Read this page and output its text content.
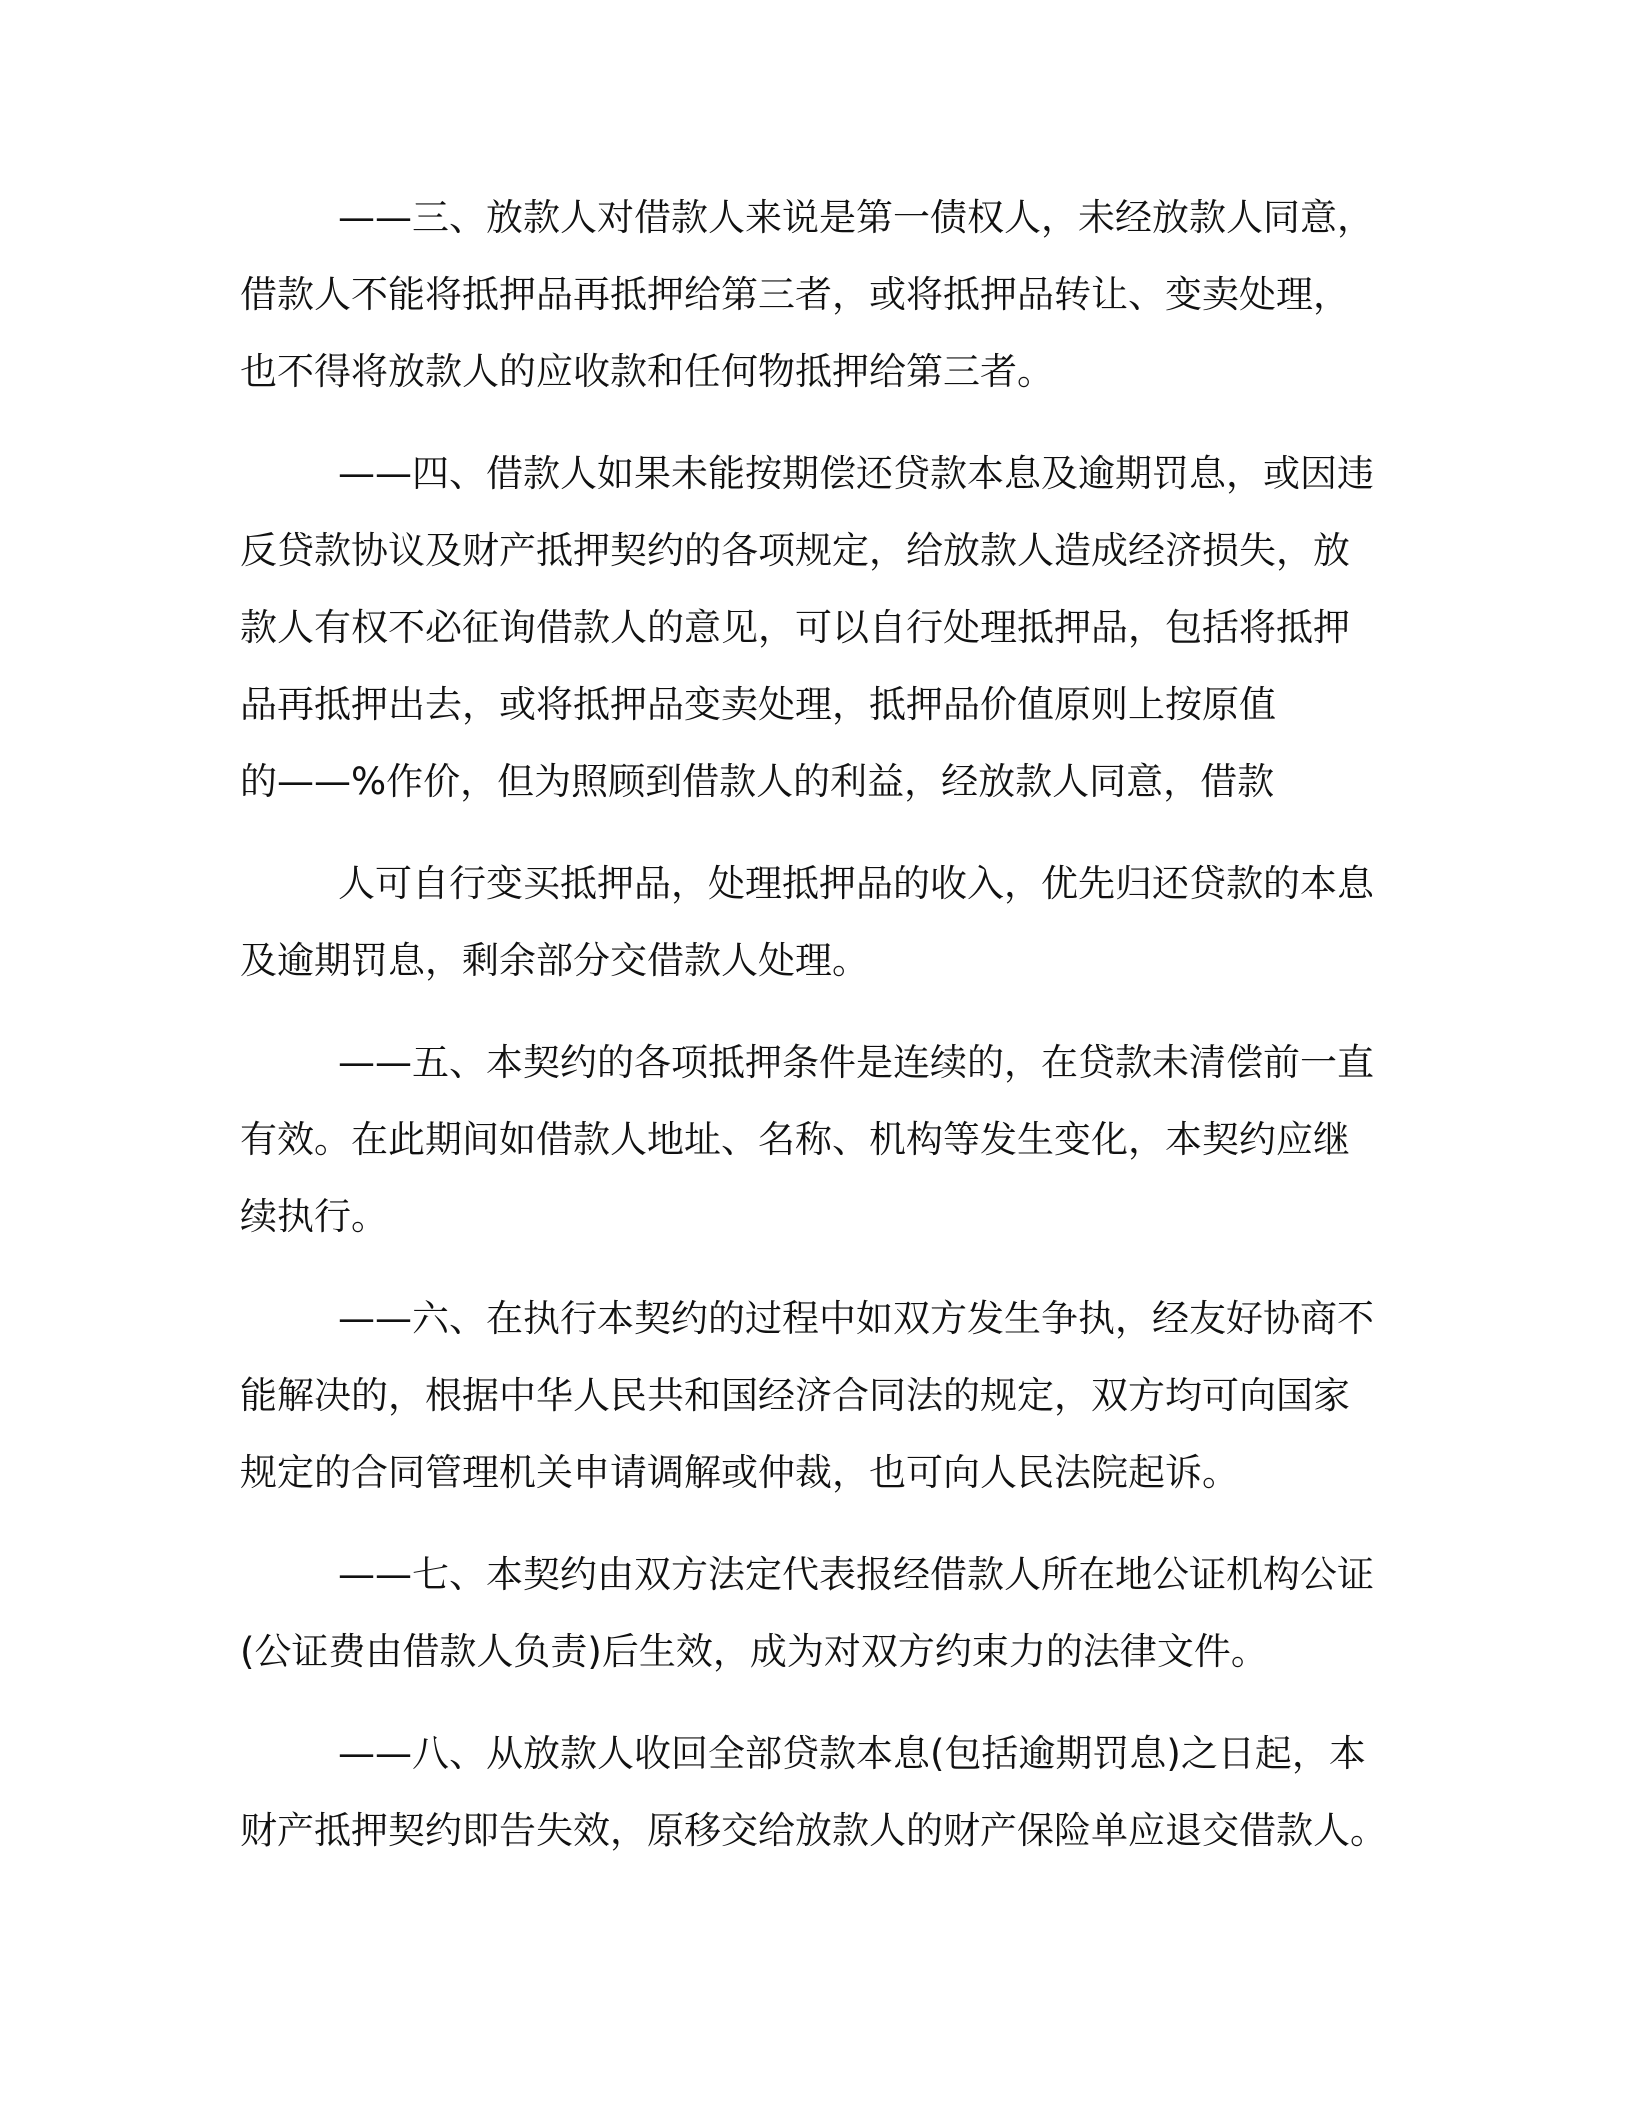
——三、放款人对借款人来说是第一债权人，未经放款人同意，
借款人不能将抵押品再抵押给第三者，或将抵押品转让、变卖处理，
也不得将放款人的应收款和任何物抵押给第三者。
——四、借款人如果未能按期偿还贷款本息及逾期罚息，或因违
反贷款协议及财产抵押契约的各项规定，给放款人造成经济损失，放
款人有权不必征询借款人的意见，可以自行处理抵押品，包括将抵押
品再抵押出去，或将抵押品变卖处理，抵押品价值原则上按原值
的——%作价，但为照顾到借款人的利益，经放款人同意，借款
人可自行变买抵押品，处理抵押品的收入，优先归还贷款的本息
及逾期罚息，剩余部分交借款人处理。
——五、本契约的各项抵押条件是连续的，在贷款未清偿前一直
有效。在此期间如借款人地址、名称、机构等发生变化，本契约应继
续执行。
——六、在执行本契约的过程中如双方发生争执，经友好协商不
能解决的，根据中华人民共和国经济合同法的规定，双方均可向国家
规定的合同管理机关申请调解或仲裁，也可向人民法院起诉。
——七、本契约由双方法定代表报经借款人所在地公证机构公证
(公证费由借款人负责)后生效，成为对双方约束力的法律文件。
——八、从放款人收回全部贷款本息(包括逾期罚息)之日起，本
财产抵押契约即告失效，原移交给放款人的财产保险单应退交借款人。
